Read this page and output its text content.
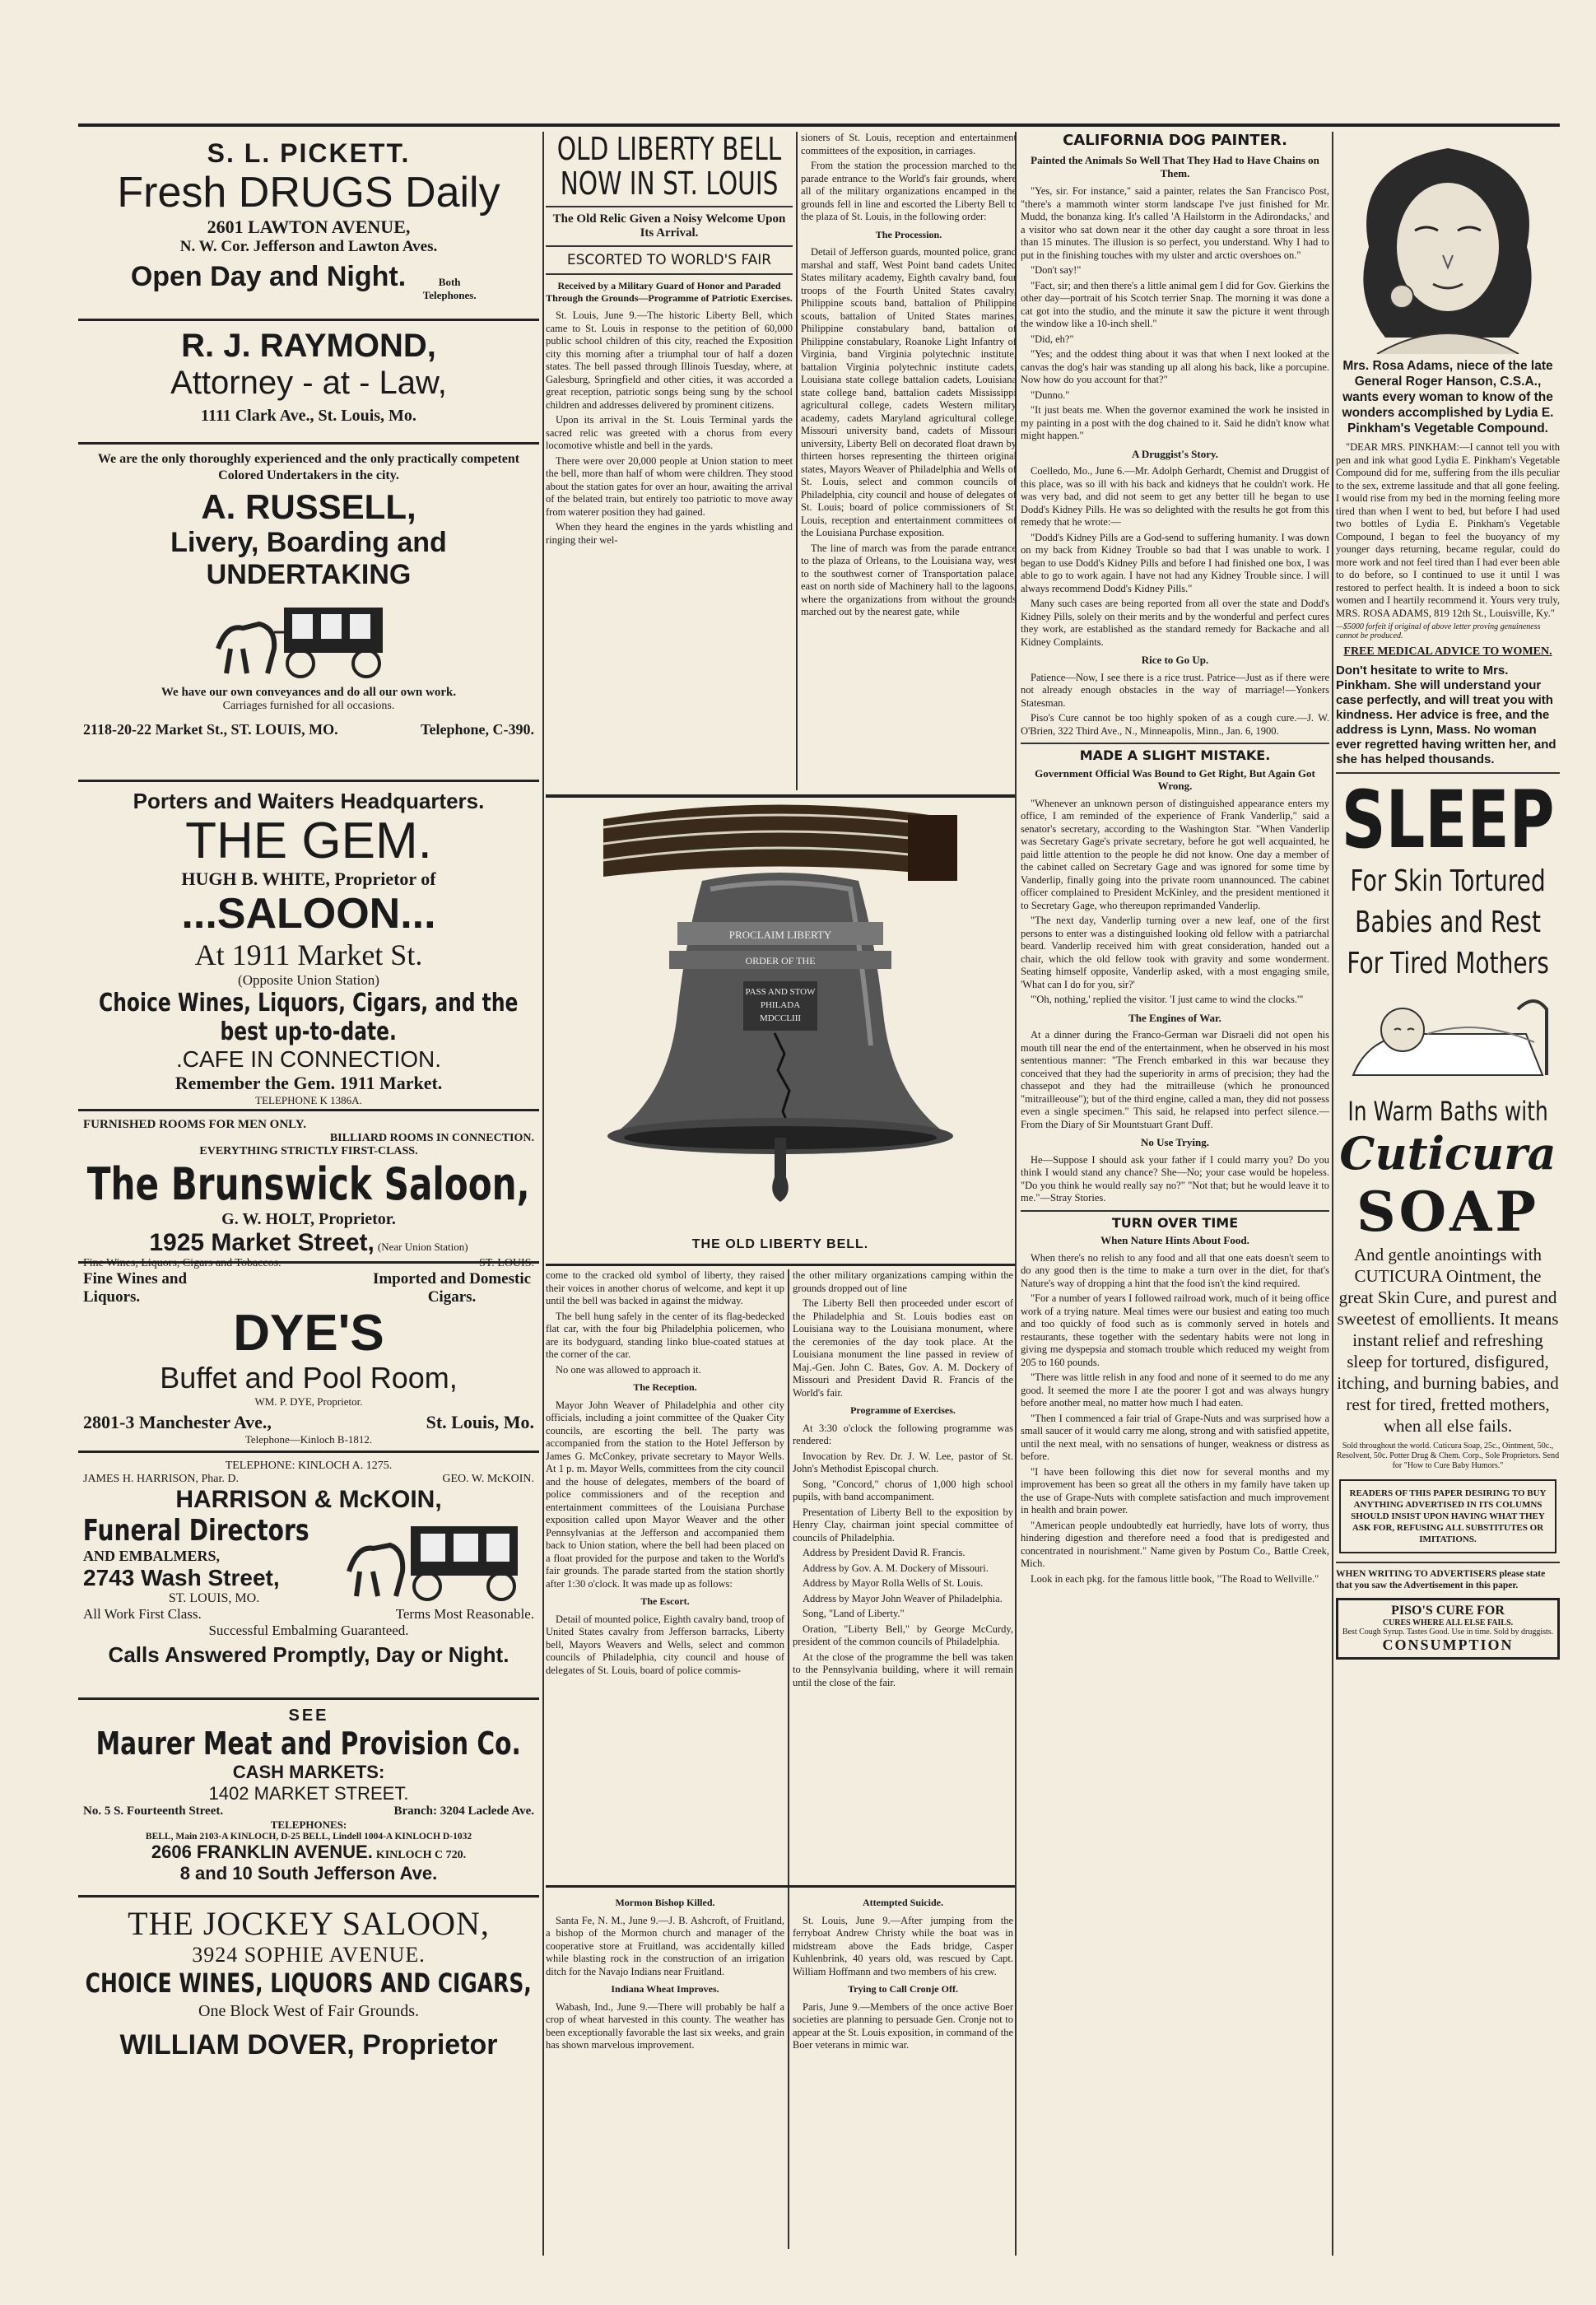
S. L. PICKETT.
Fresh DRUGS Daily
2601 LAWTON AVENUE,
N. W. Cor. Jefferson and Lawton Aves.
Open Day and Night.	Both Telephones.
R. J. RAYMOND,
Attorney - at - Law,
1111 Clark Ave., St. Louis, Mo.
We are the only thoroughly experienced and the only practically competent Colored Undertakers in the city.
A. RUSSELL,
Livery, Boarding and UNDERTAKING
We have our own conveyances and do all our own work.
Carriages furnished for all occasions.
2118-20-22 Market St., ST. LOUIS, MO.	Telephone, C-390.
Porters and Waiters Headquarters.
THE GEM.
HUGH B. WHITE, Proprietor of
...SALOON...
At 1911 Market St.
(Opposite Union Station)
Choice Wines, Liquors, Cigars, and the best up-to-date.
.CAFE IN CONNECTION.
Remember the Gem. 1911 Market.
TELEPHONE K 1386A.
FURNISHED ROOMS FOR MEN ONLY.
BILLIARD ROOMS IN CONNECTION.
EVERYTHING STRICTLY FIRST-CLASS.
The Brunswick Saloon,
G. W. HOLT, Proprietor.
1925 Market Street, (Near Union Station)
Fine Wines, Liquors, Cigars and Tobaccos.	ST. LOUIS.
Fine Wines and Liquors.
Imported and Domestic Cigars.
DYE'S
Buffet and Pool Room,
WM. P. DYE, Proprietor.
2801-3 Manchester Ave.,	St. Louis, Mo.
Telephone—Kinloch B-1812.
TELEPHONE: KINLOCH A. 1275.
JAMES H. HARRISON, Phar. D.	GEO. W. McKOIN.
HARRISON & McKOIN,
Funeral Directors
AND EMBALMERS,
2743 Wash Street,
ST. LOUIS, MO.
All Work First Class.	Terms Most Reasonable.
Successful Embalming Guaranteed.
Calls Answered Promptly, Day or Night.
SEE
Maurer Meat and Provision Co.
CASH MARKETS:
1402 MARKET STREET.
No. 5 S. Fourteenth Street.	Branch: 3204 Laclede Ave.
TELEPHONES:
BELL, Main 2103-A KINLOCH, D-25 BELL, Lindell 1004-A KINLOCH D-1032
2606 FRANKLIN AVENUE. KINLOCH C 720.
8 and 10 South Jefferson Ave.
THE JOCKEY SALOON,
3924 SOPHIE AVENUE.
CHOICE WINES, LIQUORS AND CIGARS,
One Block West of Fair Grounds.
WILLIAM DOVER, Proprietor
OLD LIBERTY BELL NOW IN ST. LOUIS
The Old Relic Given a Noisy Welcome Upon Its Arrival.
ESCORTED TO WORLD'S FAIR
Received by a Military Guard of Honor and Paraded Through the Grounds—Programme of Patriotic Exercises.

St. Louis, June 9.—The historic Liberty Bell, which came to St. Louis in response to the petition of 60,000 public school children of this city, reached the Exposition city this morning after a triumphal tour of half a dozen states. The bell passed through Illinois Tuesday, where, at Galesburg, Springfield and other cities, it was accorded a great reception, patriotic songs being sung by the school children and addresses delivered by prominent citizens.

Upon its arrival in the St. Louis Terminal yards the sacred relic was greeted with a chorus from every locomotive whistle and bell in the yards.

There were over 20,000 people at Union station to meet the bell, more than half of whom were children. They stood about the station gates for over an hour, awaiting the arrival of the belated train, but entirely too patriotic to move away from waterer position they had gained.

When they heard the engines in the yards whistling and ringing their wel-

sioners of St. Louis, reception and entertainment committees of the exposition, in carriages.

From the station the procession marched to the parade entrance to the World's fair grounds, where all of the military organizations encamped in the grounds fell in line and escorted the Liberty Bell to the plaza of St. Louis, in the following order:

The Procession.

Detail of Jefferson guards, mounted police, grand marshal and staff, West Point band cadets United States military academy, Eighth cavalry band, four troops of the Fourth United States cavalry, Philippine scouts band, battalion of Philippine scouts, battalion of United States marines, Philippine constabulary band, battalion of Philippine constabulary, Roanoke Light Infantry of Virginia, band Virginia polytechnic institute, battalion Virginia polytechnic institute cadets, Louisiana state college battalion cadets, Louisiana state college band, battalion cadets Mississippi agricultural college, cadets Western military academy, cadets Maryland agricultural college, Missouri university band, cadets of Missouri university, Liberty Bell on decorated float drawn by thirteen horses representing the thirteen original states, Mayors Weaver of Philadelphia and Wells of St. Louis, select and common councils of Philadelphia, city council and house of delegates of St. Louis; board of police commissioners of St. Louis, reception and entertainment committees of the Louisiana Purchase exposition.

The line of march was from the parade entrance to the plaza of Orleans, to the Louisiana way, west to the southwest corner of Transportation palace, east on north side of Machinery hall to the lagoons, where the organizations from without the grounds marched out by the nearest gate, while

PROCLAIM LIBERTY
ORDER OF THE
PASS AND STOW
PHILADA
MDCCLIII
THE OLD LIBERTY BELL.

come to the cracked old symbol of liberty, they raised their voices in another chorus of welcome, and kept it up until the bell was backed in against the midway.

The bell hung safely in the center of its flag-bedecked flat car, with the four big Philadelphia policemen, who are its bodyguard, standing linko blue-coated statues at the corner of the car.

No one was allowed to approach it.

The Reception.

Mayor John Weaver of Philadelphia and other city officials, including a joint committee of the Quaker City councils, are escorting the bell. The party was accompanied from the station to the Hotel Jefferson by James G. McConkey, private secretary to Mayor Wells. At 1 p. m. Mayor Wells, committees from the city council and the house of delegates, members of the board of police commissioners and of the reception and entertainment committees of the Louisiana Purchase exposition called upon Mayor Weaver and the other Pennsylvanias at the Jefferson and accompanied them back to Union station, where the bell had been placed on a float provided for the purpose and taken to the World's fair grounds. The parade started from the station shortly after 1:30 o'clock. It was made up as follows:

The Escort.

Detail of mounted police, Eighth cavalry band, troop of United States cavalry from Jefferson barracks, Liberty bell, Mayors Weavers and Wells, select and common councils of Philadelphia, city council and house of delegates of St. Louis, board of police commis-

the other military organizations camping within the grounds dropped out of line

The Liberty Bell then proceeded under escort of the Philadelphia and St. Louis bodies east on Louisiana way to the Louisiana monument, where the ceremonies of the day took place. At the Louisiana monument the line passed in review of Maj.-Gen. John C. Bates, Gov. A. M. Dockery of Missouri and President David R. Francis of the World's fair.

Programme of Exercises.

At 3:30 o'clock the following programme was rendered:

Invocation by Rev. Dr. J. W. Lee, pastor of St. John's Methodist Episcopal church.

Song, "Concord," chorus of 1,000 high school pupils, with band accompaniment.

Presentation of Liberty Bell to the exposition by Henry Clay, chairman joint special committee of councils of Philadelphia.

Address by President David R. Francis.

Address by Gov. A. M. Dockery of Missouri.

Address by Mayor Rolla Wells of St. Louis.

Address by Mayor John Weaver of Philadelphia.

Song, "Land of Liberty."

Oration, "Liberty Bell," by George McCurdy, president of the common councils of Philadelphia.

At the close of the programme the bell was taken to the Pennsylvania building, where it will remain until the close of the fair.

Mormon Bishop Killed.

Santa Fe, N. M., June 9.—J. B. Ashcroft, of Fruitland, a bishop of the Mormon church and manager of the cooperative store at Fruitland, was accidentally killed while blasting rock in the construction of an irrigation ditch for the Navajo Indians near Fruitland.

Indiana Wheat Improves.

Wabash, Ind., June 9.—There will probably be half a crop of wheat harvested in this county. The weather has been exceptionally favorable the last six weeks, and grain has shown marvelous improvement.

Attempted Suicide.

St. Louis, June 9.—After jumping from the ferryboat Andrew Christy while the boat was in midstream above the Eads bridge, Casper Kuhlenbrink, 40 years old, was rescued by Capt. William Hoffmann and two members of his crew.

Trying to Call Cronje Off.

Paris, June 9.—Members of the once active Boer societies are planning to persuade Gen. Cronje not to appear at the St. Louis exposition, in command of the Boer veterans in mimic war.

CALIFORNIA DOG PAINTER.
Painted the Animals So Well That They Had to Have Chains on Them.

"Yes, sir. For instance," said a painter, relates the San Francisco Post, "there's a mammoth winter storm landscape I've just finished for Mr. Mudd, the bonanza king. It's called 'A Hailstorm in the Adirondacks,' and a visitor who sat down near it the other day caught a sore throat in less than 15 minutes. The illusion is so perfect, you understand. Why I had to put in the finishing touches with my ulster and arctic overshoes on."

"Don't say!"

"Fact, sir; and then there's a little animal gem I did for Gov. Gierkins the other day—portrait of his Scotch terrier Snap. The morning it was done a cat got into the studio, and the minute it saw the picture it went through the window like a 10-inch shell."

"Did, eh?"

"Yes; and the oddest thing about it was that when I next looked at the canvas the dog's hair was standing up all along his back, like a porcupine. Now how do you account for that?"

"Dunno."

"It just beats me. When the governor examined the work he insisted in my painting in a post with the dog chained to it. Said he didn't know what might happen."

A Druggist's Story.

Coelledo, Mo., June 6.—Mr. Adolph Gerhardt, Chemist and Druggist of this place, was so ill with his back and kidneys that he couldn't work. He was very bad, and did not seem to get any better till he began to use Dodd's Kidney Pills. He was so delighted with the results he got from this remedy that he wrote:—

"Dodd's Kidney Pills are a God-send to suffering humanity. I was down on my back from Kidney Trouble so bad that I was unable to work. I began to use Dodd's Kidney Pills and before I had finished one box, I was able to go to work again. I have not had any Kidney Trouble since. I will always recommend Dodd's Kidney Pills."

Many such cases are being reported from all over the state and Dodd's Kidney Pills, solely on their merits and by the wonderful and perfect cures they work, are established as the standard remedy for Backache and all Kidney Complaints.

Rice to Go Up.

Patience—Now, I see there is a rice trust. Patrice—Just as if there were not already enough obstacles in the way of marriage!—Yonkers Statesman.

Piso's Cure cannot be too highly spoken of as a cough cure.—J. W. O'Brien, 322 Third Ave., N., Minneapolis, Minn., Jan. 6, 1900.

MADE A SLIGHT MISTAKE.
Government Official Was Bound to Get Right, But Again Got Wrong.

"Whenever an unknown person of distinguished appearance enters my office, I am reminded of the experience of Frank Vanderlip," said a senator's secretary, according to the Washington Star. "When Vanderlip was Secretary Gage's private secretary, before he got well acquainted, he paid little attention to the people he did not know. One day a member of the cabinet called on Secretary Gage and was ignored for some time by Vanderlip, finally going into the private room unannounced. The cabinet officer complained to President McKinley, and the president mentioned it to Secretary Gage, who thereupon reprimanded Vanderlip.

"The next day, Vanderlip turning over a new leaf, one of the first persons to enter was a distinguished looking old fellow with a patriarchal beard. Vanderlip received him with great consideration, handed out a chair, which the old fellow took with gravity and some wonderment. Seating himself opposite, Vanderlip asked, with a most engaging smile, 'What can I do for you, sir?'

"'Oh, nothing,' replied the visitor. 'I just came to wind the clocks.'"

The Engines of War.

At a dinner during the Franco-German war Disraeli did not open his mouth till near the end of the entertainment, when he observed in his most sententious manner: "The French embarked in this war because they conceived that they had the superiority in arms of precision; they had the chassepot and they had the mitrailleuse (which he pronounced "mitrailleouse"); but of the third engine, called a man, they did not possess even a single specimen." This said, he relapsed into perfect silence.—From the Diary of Sir Mountstuart Grant Duff.

No Use Trying.

He—Suppose I should ask your father if I could marry you? Do you think I would stand any chance? She—No; your case would be hopeless. "Do you think he would really say no?" "Not that; but he would leave it to me."—Stray Stories.

TURN OVER TIME
When Nature Hints About Food.

When there's no relish to any food and all that one eats doesn't seem to do any good then is the time to make a turn over in the diet, for that's Nature's way of dropping a hint that the food isn't the kind required.

"For a number of years I followed railroad work, much of it being office work of a trying nature. Meal times were our busiest and eating too much and too quickly of food such as is commonly served in hotels and restaurants, these together with the sedentary habits were not long in giving me dyspepsia and stomach trouble which reduced my weight from 205 to 160 pounds.

"There was little relish in any food and none of it seemed to do me any good. It seemed the more I ate the poorer I got and was always hungry before another meal, no matter how much I had eaten.

"Then I commenced a fair trial of Grape-Nuts and was surprised how a small saucer of it would carry me along, strong and with satisfied appetite, until the next meal, with no sensations of hunger, weakness or distress as before.

"I have been following this diet now for several months and my improvement has been so great all the others in my family have taken up the use of Grape-Nuts with complete satisfaction and much improvement in health and brain power.

"American people undoubtedly eat hurriedly, have lots of worry, thus hindering digestion and therefore need a food that is predigested and concentrated in nourishment." Name given by Postum Co., Battle Creek, Mich.

Look in each pkg. for the famous little book, "The Road to Wellville."

Mrs. Rosa Adams, niece of the late General Roger Hanson, C.S.A., wants every woman to know of the wonders accomplished by Lydia E. Pinkham's Vegetable Compound.

"DEAR MRS. PINKHAM:—I cannot tell you with pen and ink what good Lydia E. Pinkham's Vegetable Compound did for me, suffering from the ills peculiar to the sex, extreme lassitude and that all gone feeling. I would rise from my bed in the morning feeling more tired than when I went to bed, but before I had used two bottles of Lydia E. Pinkham's Vegetable Compound, I began to feel the buoyancy of my younger days returning, became regular, could do more work and not feel tired than I had ever been able to do before, so I continued to use it until I was restored to perfect health. It is indeed a boon to sick women and I heartily recommend it. Yours very truly, MRS. ROSA ADAMS, 819 12th St., Louisville, Ky."

—$5000 forfeit if original of above letter proving genuineness cannot be produced.
FREE MEDICAL ADVICE TO WOMEN.
Don't hesitate to write to Mrs. Pinkham. She will understand your case perfectly, and will treat you with kindness. Her advice is free, and the address is Lynn, Mass. No woman ever regretted having written her, and she has helped thousands.
SLEEP For Skin Tortured Babies and Rest For Tired Mothers  In Warm Baths with
Cuticura
SOAP
And gentle anointings with CUTICURA Ointment, the great Skin Cure, and purest and sweetest of emollients. It means instant relief and refreshing sleep for tortured, disfigured, itching, and burning babies, and rest for tired, fretted mothers, when all else fails.
Sold throughout the world. Cuticura Soap, 25c., Ointment, 50c., Resolvent, 50c. Potter Drug & Chem. Corp., Sole Proprietors. Send for "How to Cure Baby Humors."
READERS OF THIS PAPER DESIRING TO BUY ANYTHING ADVERTISED IN ITS COLUMNS SHOULD INSIST UPON HAVING WHAT THEY ASK FOR, REFUSING ALL SUBSTITUTES OR IMITATIONS.
WHEN WRITING TO ADVERTISERS please state that you saw the Advertisement in this paper.
PISO'S CURE FOR
CURES WHERE ALL ELSE FAILS.
Best Cough Syrup. Tastes Good. Use in time. Sold by druggists.
CONSUMPTION
